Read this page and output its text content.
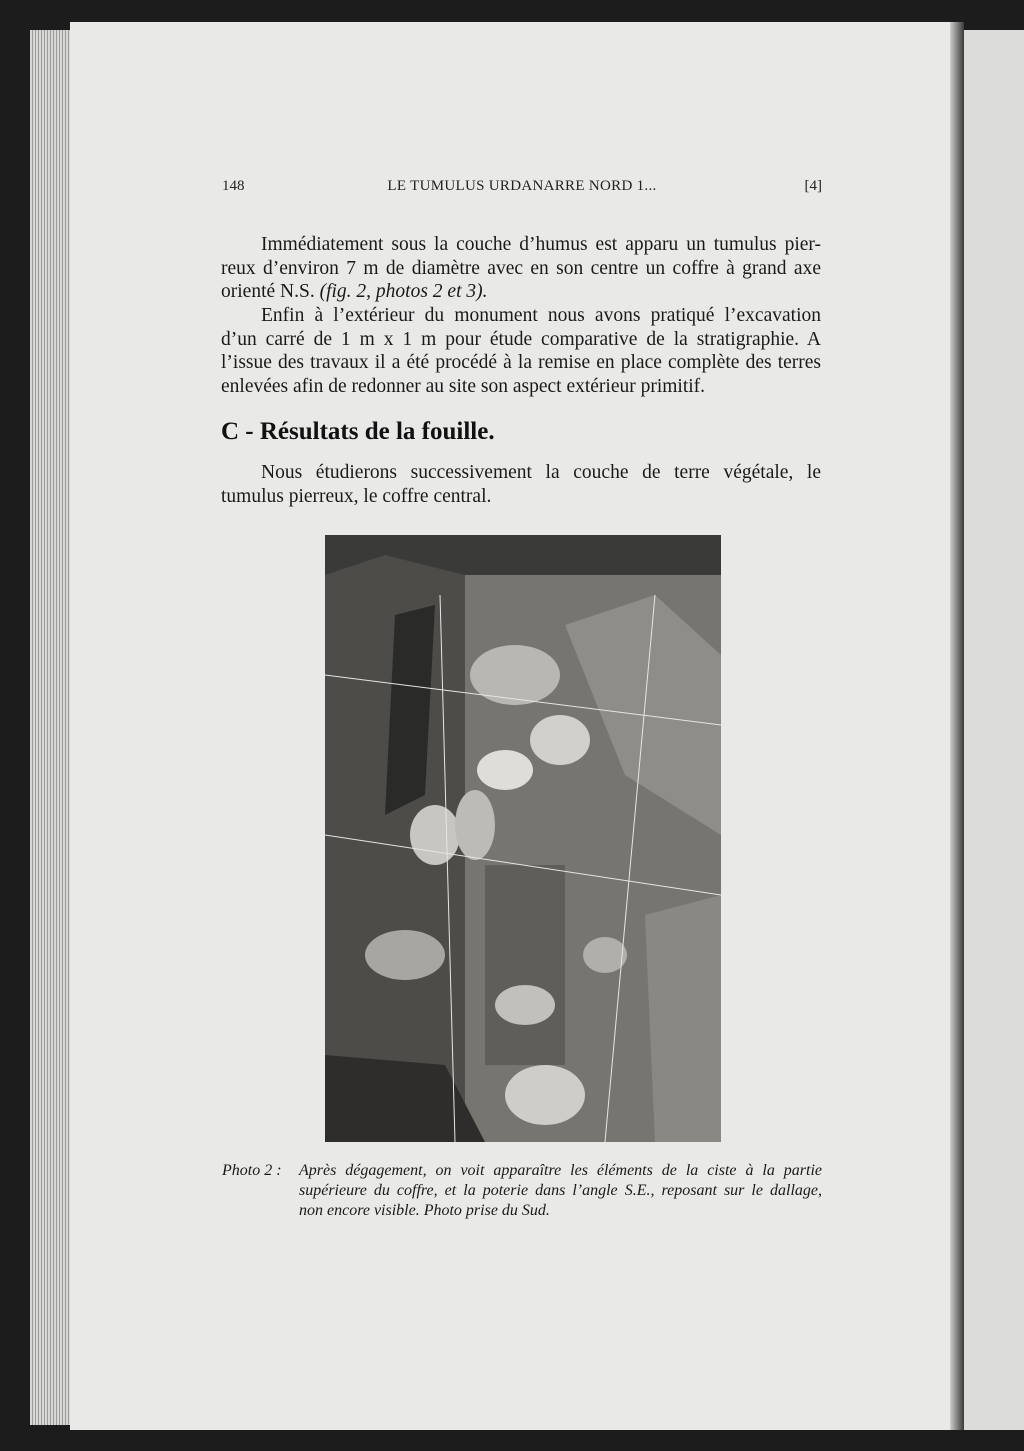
148	LE TUMULUS URDANARRE NORD 1...	[4]
Immédiatement sous la couche d’humus est apparu un tumulus pier-
reux d’environ 7 m de diamètre avec en son centre un coffre à grand axe
orienté N.S. (fig. 2, photos 2 et 3).
Enfin à l’extérieur du monument nous avons pratiqué l’excavation
d’un carré de 1 m x 1 m pour étude comparative de la stratigraphie. A
l’issue des travaux il a été procédé à la remise en place complète des terres
enlevées afin de redonner au site son aspect extérieur primitif.
C - Résultats de la fouille.
Nous étudierons successivement la couche de terre végétale, le
tumulus pierreux, le coffre central.
Photo 2 : Après dégagement, on voit apparaître les éléments de la ciste à la partie
supérieure du coffre, et la poterie dans l’angle S.E., reposant sur le dallage,
non encore visible. Photo prise du Sud.
